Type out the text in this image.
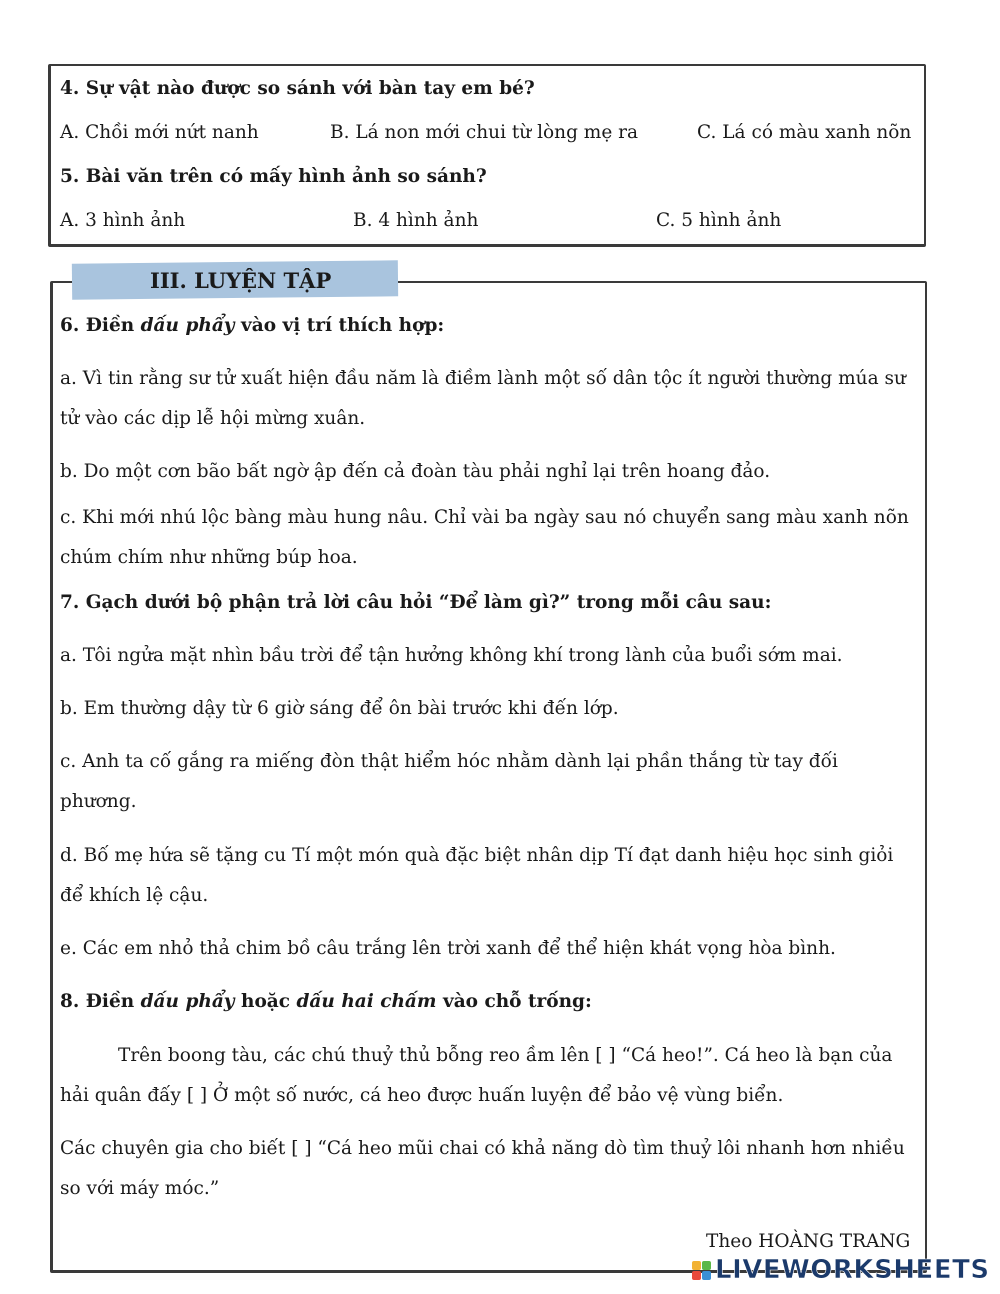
4. Sự vật nào được so sánh với bàn tay em bé?

A. Chồi mới nứt nanh	B. Lá non mới chui từ lòng mẹ ra	C. Lá có màu xanh nõn

5. Bài văn trên có mấy hình ảnh so sánh?

A. 3 hình ảnh	B. 4 hình ảnh	C. 5 hình ảnh

III. LUYỆN TẬP

6. Điền dấu phẩy vào vị trí thích hợp:

a. Vì tin rằng sư tử xuất hiện đầu năm là điềm lành một số dân tộc ít người thường múa sư

tử vào các dịp lễ hội mừng xuân.

b. Do một cơn bão bất ngờ ập đến cả đoàn tàu phải nghỉ lại trên hoang đảo.

c. Khi mới nhú lộc bàng màu hung nâu. Chỉ vài ba ngày sau nó chuyển sang màu xanh nõn

chúm chím như những búp hoa.

7. Gạch dưới bộ phận trả lời câu hỏi “Để làm gì?” trong mỗi câu sau:

a. Tôi ngửa mặt nhìn bầu trời để tận hưởng không khí trong lành của buổi sớm mai.

b. Em thường dậy từ 6 giờ sáng để ôn bài trước khi đến lớp.

c. Anh ta cố gắng ra miếng đòn thật hiểm hóc nhằm dành lại phần thắng từ tay đối

phương.

d. Bố mẹ hứa sẽ tặng cu Tí một món quà đặc biệt nhân dịp Tí đạt danh hiệu học sinh giỏi

để khích lệ cậu.

e. Các em nhỏ thả chim bồ câu trắng lên trời xanh để thể hiện khát vọng hòa bình.

8. Điền dấu phẩy hoặc dấu hai chấm vào chỗ trống:

Trên boong tàu, các chú thuỷ thủ bỗng reo ầm lên [ ] “Cá heo!”. Cá heo là bạn của

hải quân đấy [ ] Ở một số nước, cá heo được huấn luyện để bảo vệ vùng biển.

Các chuyên gia cho biết [ ] “Cá heo mũi chai có khả năng dò tìm thuỷ lôi nhanh hơn nhiều

so với máy móc.”

Theo HOÀNG TRANG
LIVEWORKSHEETS
